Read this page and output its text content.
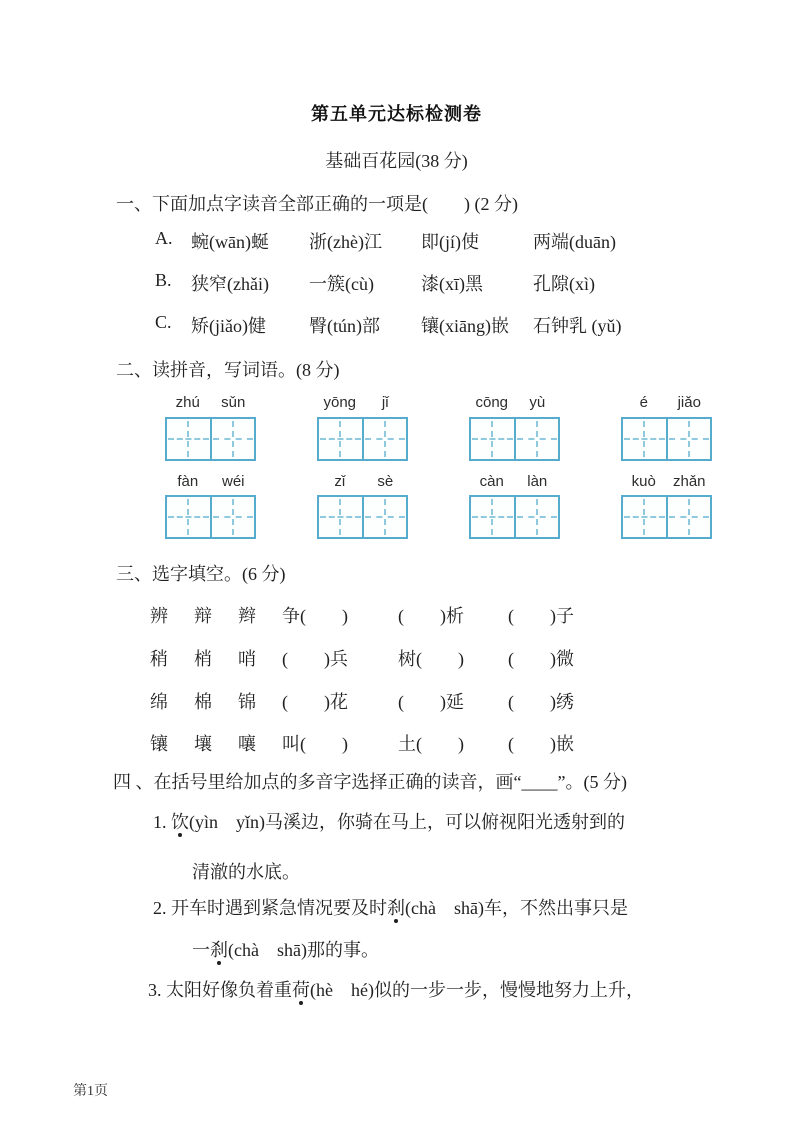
第五单元达标检测卷
基础百花园(38 分)
一、下面加点字读音全部正确的一项是(　　) (2 分)
A.	蜿(wān)蜒	浙(zhè)江	即(jí)使	两端(duān)
B.	狭窄(zhǎi)	一簇(cù)	漆(xī)黑	孔隙(xì)
C.	矫(jiǎo)健	臀(tún)部	镶(xiāng)嵌	石钟乳 (yǔ)
二、读拼音，写词语。(8 分)
zhú	sǔn	yōng	jǐ	cōng	yù	é	jiǎo
fàn	wéi	zǐ	sè	càn	làn	kuò	zhǎn
三、选字填空。(6 分)
辨　辩　辫	争(　　)	(　　)析	(　　)子
稍　梢　哨	(　　)兵	树(　　)	(　　)微
绵　棉　锦	(　　)花	(　　)延	(　　)绣
镶　壤　嚷	叫(　　)	土(　　)	(　　)嵌
四 、在括号里给加点的多音字选择正确的读音，画“____”。(5 分)
1. 饮(yìn　yǐn)马溪边，你骑在马上，可以俯视阳光透射到的
清澈的水底。
2. 开车时遇到紧急情况要及时刹(chà　shā)车，不然出事只是
一刹(chà　shā)那的事。
3. 太阳好像负着重荷(hè　hé)似的一步一步，慢慢地努力上升，
第1页
